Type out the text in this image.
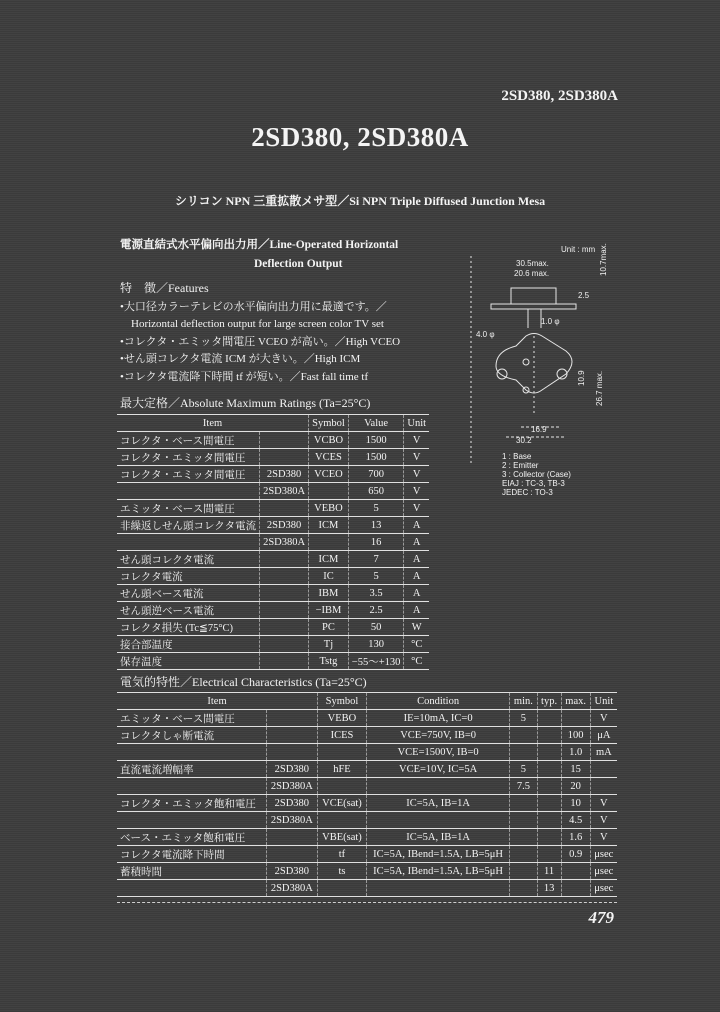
2SD380, 2SD380A
2SD380, 2SD380A
シリコン NPN 三重拡散メサ型／Si NPN Triple Diffused Junction Mesa
電源直結式水平偏向出力用／Line-Operated Horizontal
Deflection Output
特　徴／Features
•大口径カラーテレビの水平偏向出力用に最適です。／
　Horizontal deflection output for large screen color TV set
•コレクタ・エミッタ間電圧 VCEO が高い。／High VCEO
•せん頭コレクタ電流 ICM が大きい。／High ICM
•コレクタ電流降下時間 tf が短い。／Fast fall time tf
最大定格／Absolute Maximum Ratings (Ta=25°C)
Item		Symbol	Value	Unit
コレクタ・ベース間電圧		VCBO	1500	V
コレクタ・エミッタ間電圧		VCES	1500	V
コレクタ・エミッタ間電圧	2SD380	VCEO	700	V
	2SD380A		650	V
エミッタ・ベース間電圧		VEBO	5	V
非繰返しせん頭コレクタ電流	2SD380	ICM	13	A
	2SD380A		16	A
せん頭コレクタ電流		ICM	7	A
コレクタ電流		IC	5	A
せん頭ベース電流		IBM	3.5	A
せん頭逆ベース電流		−IBM	2.5	A
コレクタ損失 (Tc≦75°C)		PC	50	W
接合部温度		Tj	130	°C
保存温度		Tstg	−55〜+130	°C
電気的特性／Electrical Characteristics (Ta=25°C)
Item		Symbol	Condition	min.	typ.	max.	Unit
エミッタ・ベース間電圧		VEBO	IE=10mA, IC=0	5			V
コレクタしゃ断電流		ICES	VCE=750V, IB=0			100	μA
			VCE=1500V, IB=0			1.0	mA
直流電流増幅率	2SD380	hFE	VCE=10V, IC=5A	5		15	
	2SD380A			7.5		20	
コレクタ・エミッタ飽和電圧	2SD380	VCE(sat)	IC=5A, IB=1A			10	V
	2SD380A					4.5	V
ベース・エミッタ飽和電圧		VBE(sat)	IC=5A, IB=1A			1.6	V
コレクタ電流降下時間		tf	IC=5A, IBend=1.5A, LB=5μH			0.9	μsec
蓄積時間	2SD380	ts	IC=5A, IBend=1.5A, LB=5μH		11		μsec
	2SD380A				13		μsec
Unit : mm
30.5max.
20.6 max.
2.5
10.7max.
1.0 φ
4.0 φ
10.9 26.7 max.
16.9
30.2
1 : Base
2 : Emitter
3 : Collector (Case)
EIAJ : TC-3, TB-3
JEDEC : TO-3
479
